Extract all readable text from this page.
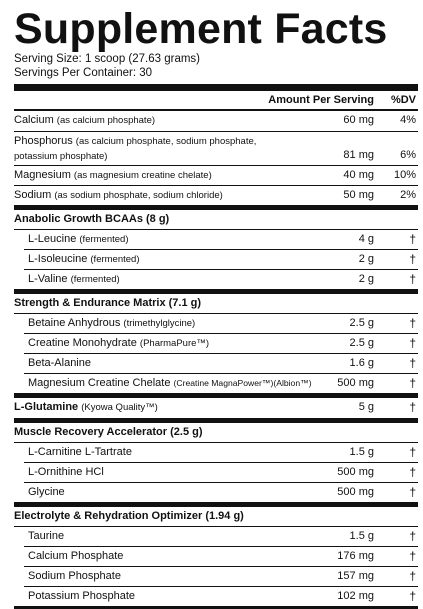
Supplement Facts
Serving Size: 1 scoop (27.63 grams)
Servings Per Container: 30
Amount Per Serving %DV
Calcium (as calcium phosphate)	60 mg 4%
Phosphorus (as calcium phosphate, sodium phosphate,
potassium phosphate)	81 mg 6%
Magnesium (as magnesium creatine chelate)	40 mg 10%
Sodium (as sodium phosphate, sodium chloride)	50 mg 2%
Anabolic Growth BCAAs (8 g)
L-Leucine (fermented)	4 g	†
L-Isoleucine (fermented)	2 g	†
L-Valine (fermented)	2 g	†
Strength & Endurance Matrix (7.1 g)
Betaine Anhydrous (trimethylglycine)	2.5 g	†
Creatine Monohydrate (PharmaPure™)	2.5 g	†
Beta-Alanine	1.6 g	†
Magnesium Creatine Chelate (Creatine MagnaPower™)(Albion™)	500 mg	†
L-Glutamine (Kyowa Quality™)	5 g	†
Muscle Recovery Accelerator (2.5 g)
L-Carnitine L-Tartrate	1.5 g	†
L-Ornithine HCl	500 mg	†
Glycine	500 mg	†
Electrolyte & Rehydration Optimizer (1.94 g)
Taurine	1.5 g	†
Calcium Phosphate	176 mg	†
Sodium Phosphate	157 mg	†
Potassium Phosphate	102 mg	†
